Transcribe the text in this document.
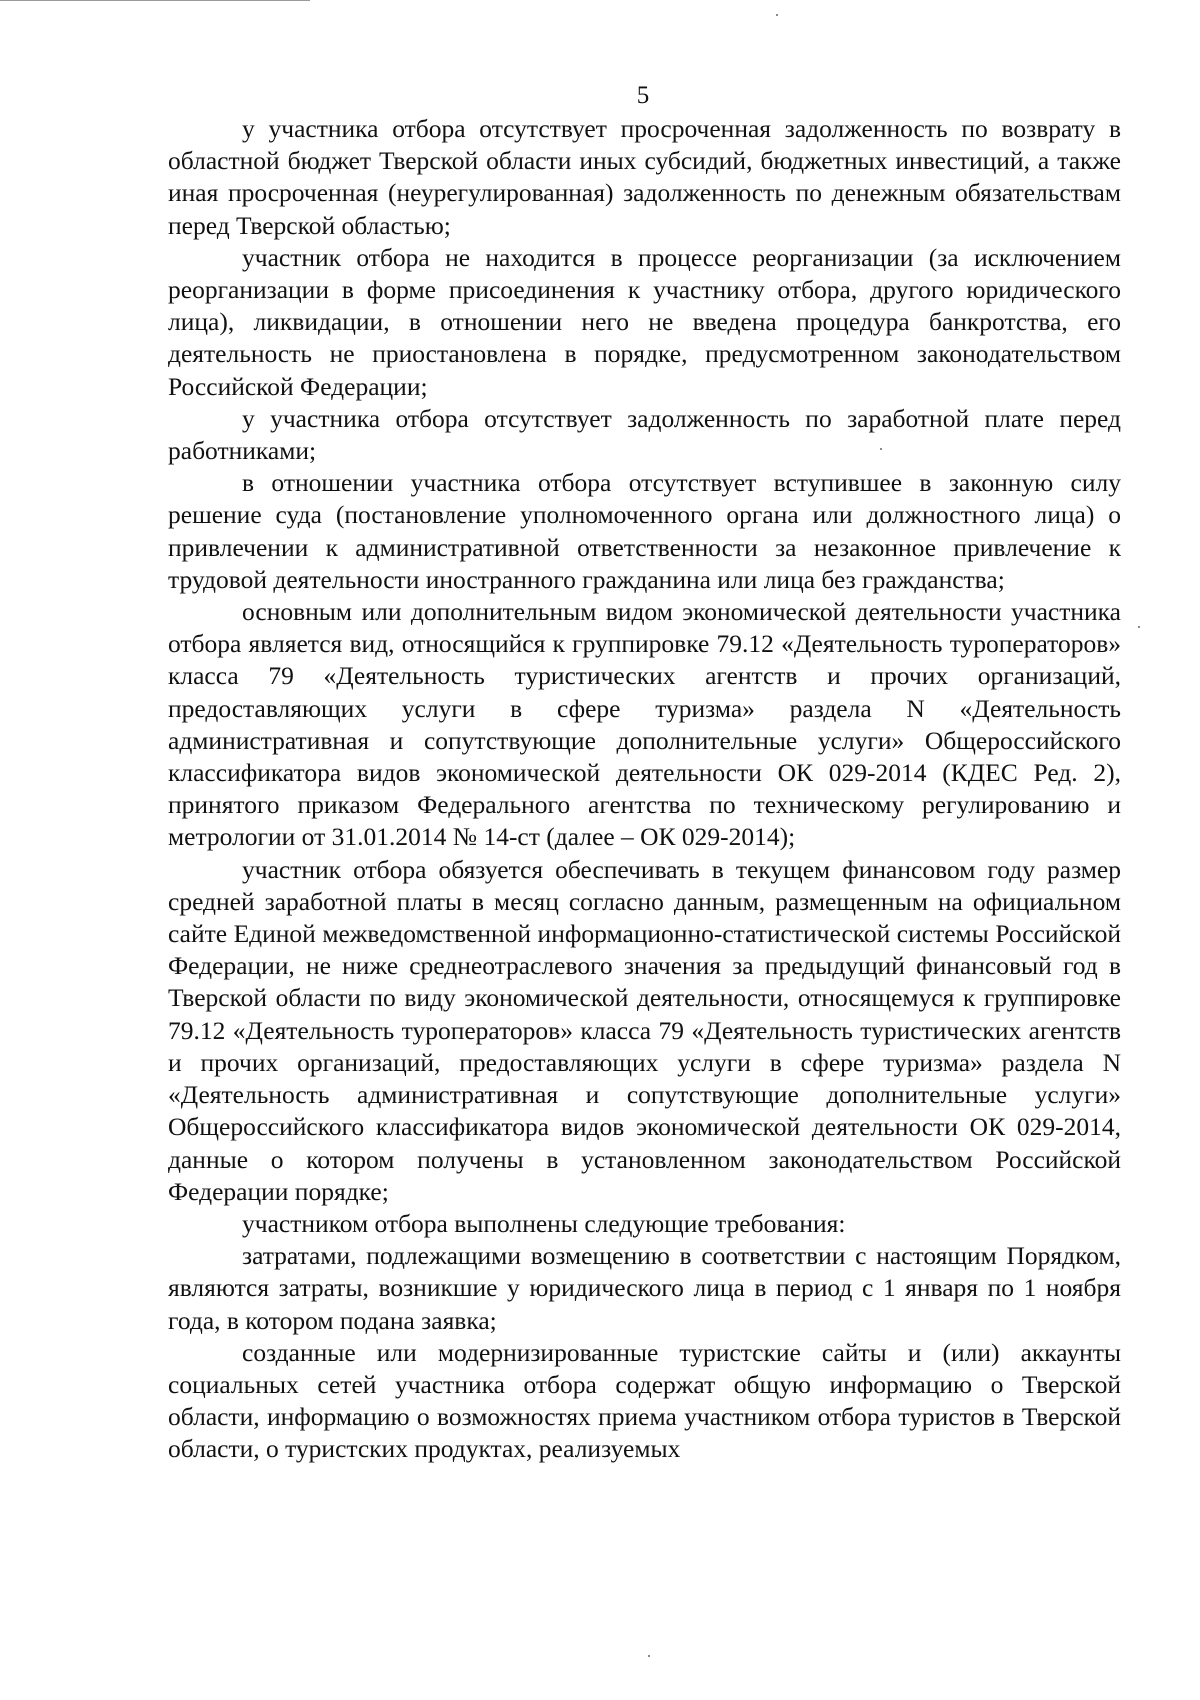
5

у участника отбора отсутствует просроченная задолженность по возврату в областной бюджет Тверской области иных субсидий, бюджетных инвестиций, а также иная просроченная (неурегулированная) задолженность по денежным обязательствам перед Тверской областью;

участник отбора не находится в процессе реорганизации (за исключением реорганизации в форме присоединения к участнику отбора, другого юридического лица), ликвидации, в отношении него не введена процедура банкротства, его деятельность не приостановлена в порядке, предусмотренном законодательством Российской Федерации;

у участника отбора отсутствует задолженность по заработной плате перед работниками;

в отношении участника отбора отсутствует вступившее в законную силу решение суда (постановление уполномоченного органа или должностного лица) о привлечении к административной ответственности за незаконное привлечение к трудовой деятельности иностранного гражданина или лица без гражданства;

основным или дополнительным видом экономической деятельности участника отбора является вид, относящийся к группировке 79.12 «Деятельность туроператоров» класса 79 «Деятельность туристических агентств и прочих организаций, предоставляющих услуги в сфере туризма» раздела N «Деятельность административная и сопутствующие дополнительные услуги» Общероссийского классификатора видов экономической деятельности ОК 029-2014 (КДЕС Ред. 2), принятого приказом Федерального агентства по техническому регулированию и метрологии от 31.01.2014 № 14-ст (далее – ОК 029-2014);

участник отбора обязуется обеспечивать в текущем финансовом году размер средней заработной платы в месяц согласно данным, размещенным на официальном сайте Единой межведомственной информационно-статистической системы Российской Федерации, не ниже среднеотраслевого значения за предыдущий финансовый год в Тверской области по виду экономической деятельности, относящемуся к группировке 79.12 «Деятельность туроператоров» класса 79 «Деятельность туристических агентств и прочих организаций, предоставляющих услуги в сфере туризма» раздела N «Деятельность административная и сопутствующие дополнительные услуги» Общероссийского классификатора видов экономической деятельности ОК 029-2014, данные о котором получены в установленном законодательством Российской Федерации порядке;

участником отбора выполнены следующие требования:

затратами, подлежащими возмещению в соответствии с настоящим Порядком, являются затраты, возникшие у юридического лица в период с 1 января по 1 ноября года, в котором подана заявка;

созданные или модернизированные туристские сайты и (или) аккаунты социальных сетей участника отбора содержат общую информацию о Тверской области, информацию о возможностях приема участником отбора туристов в Тверской области, о туристских продуктах, реализуемых
